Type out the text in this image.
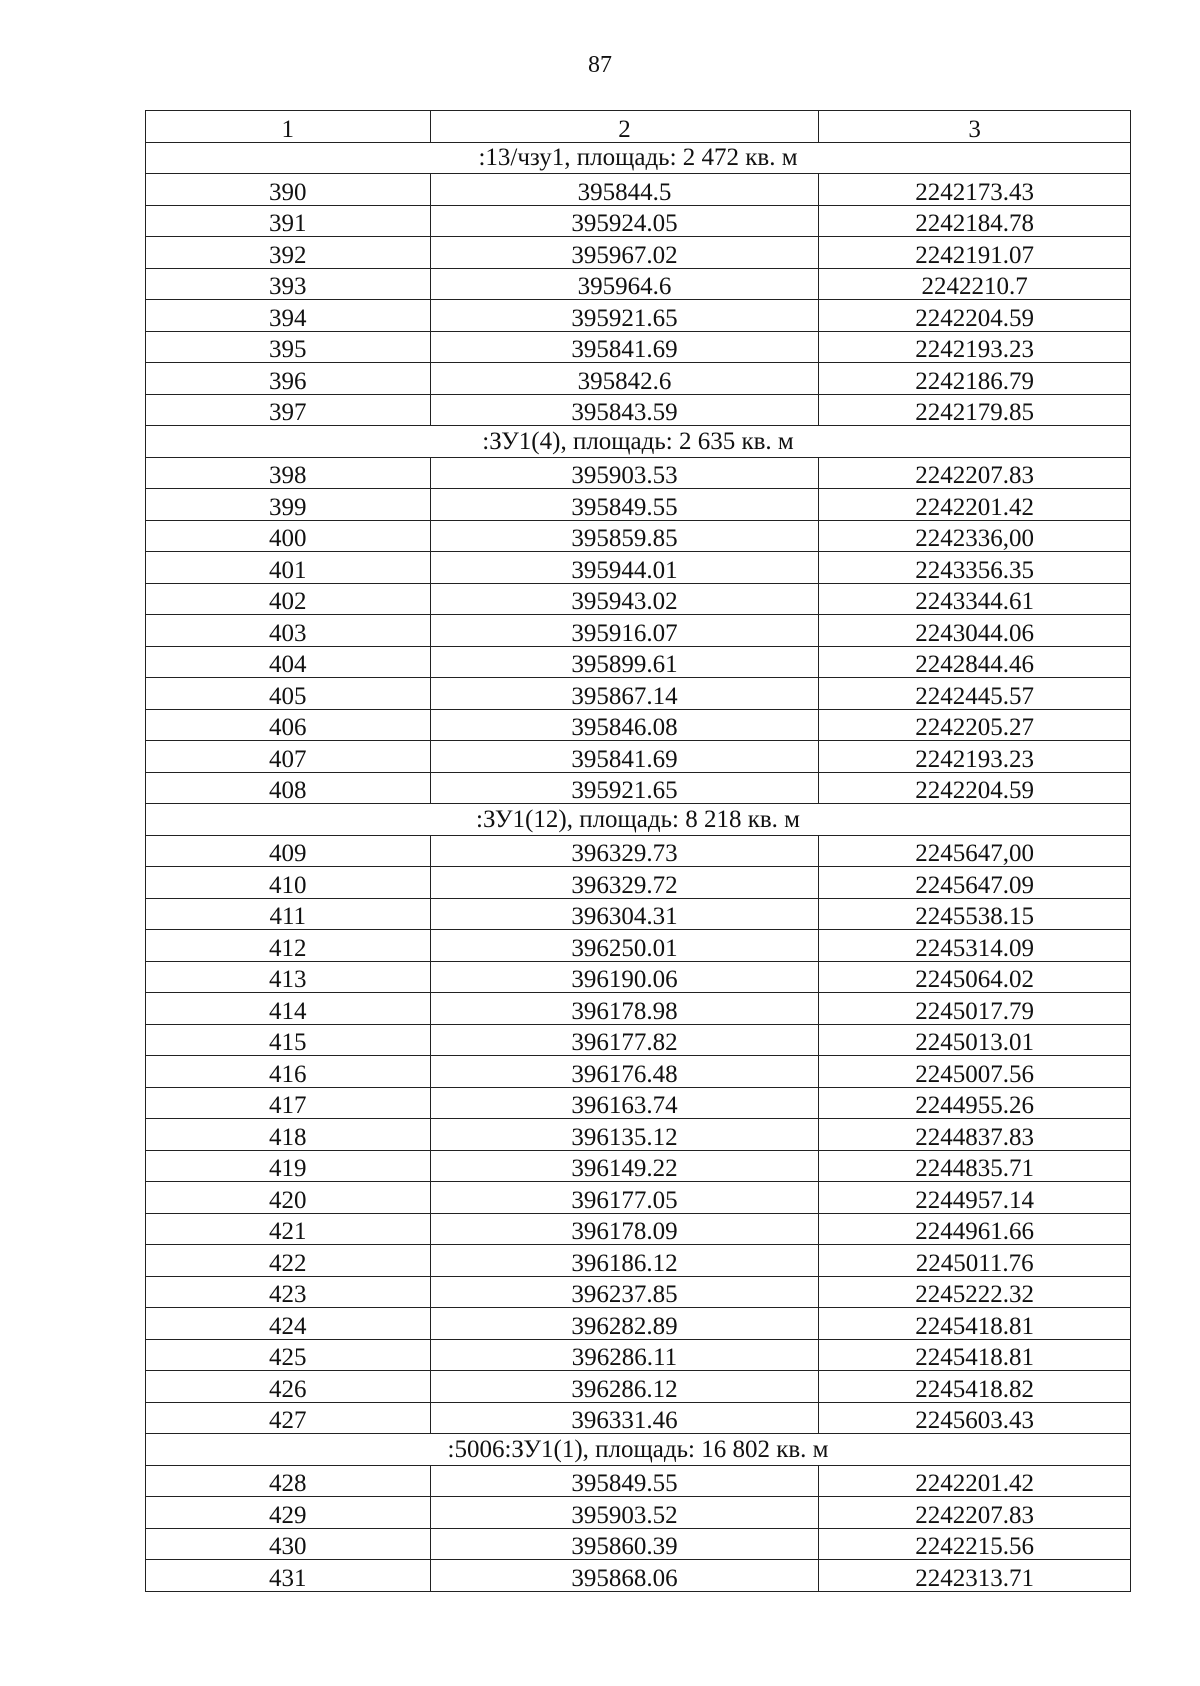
87
1	2	3
:13/чзу1, площадь: 2 472 кв. м		
390	395844.5	2242173.43
391	395924.05	2242184.78
392	395967.02	2242191.07
393	395964.6	2242210.7
394	395921.65	2242204.59
395	395841.69	2242193.23
396	395842.6	2242186.79
397	395843.59	2242179.85
:ЗУ1(4), площадь: 2 635 кв. м		
398	395903.53	2242207.83
399	395849.55	2242201.42
400	395859.85	2242336,00
401	395944.01	2243356.35
402	395943.02	2243344.61
403	395916.07	2243044.06
404	395899.61	2242844.46
405	395867.14	2242445.57
406	395846.08	2242205.27
407	395841.69	2242193.23
408	395921.65	2242204.59
:ЗУ1(12), площадь: 8 218 кв. м		
409	396329.73	2245647,00
410	396329.72	2245647.09
411	396304.31	2245538.15
412	396250.01	2245314.09
413	396190.06	2245064.02
414	396178.98	2245017.79
415	396177.82	2245013.01
416	396176.48	2245007.56
417	396163.74	2244955.26
418	396135.12	2244837.83
419	396149.22	2244835.71
420	396177.05	2244957.14
421	396178.09	2244961.66
422	396186.12	2245011.76
423	396237.85	2245222.32
424	396282.89	2245418.81
425	396286.11	2245418.81
426	396286.12	2245418.82
427	396331.46	2245603.43
:5006:ЗУ1(1), площадь: 16 802 кв. м		
428	395849.55	2242201.42
429	395903.52	2242207.83
430	395860.39	2242215.56
431	395868.06	2242313.71
